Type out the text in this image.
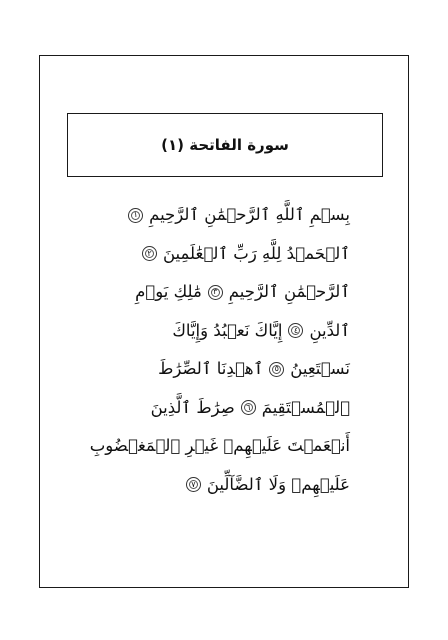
سورة الفاتحة (١)
بِسۡمِ ٱللَّهِ ٱلرَّحۡمَٰنِ ٱلرَّحِيمِ
١
ٱلۡحَمۡدُ لِلَّهِ رَبِّ ٱلۡعَٰلَمِينَ
٢
ٱلرَّحۡمَٰنِ ٱلرَّحِيمِ
٣
مَٰلِكِ يَوۡمِ
ٱلدِّينِ
٤
إِيَّاكَ نَعۡبُدُ وَإِيَّاكَ
نَسۡتَعِينُ
٥
ٱهۡدِنَا ٱلصِّرَٰطَ
ٱلۡمُسۡتَقِيمَ
٦
صِرَٰطَ ٱلَّذِينَ
أَنۡعَمۡتَ عَلَيۡهِمۡ غَيۡرِ ٱلۡمَغۡضُوبِ
عَلَيۡهِمۡ وَلَا ٱلضَّآلِّينَ
٧
